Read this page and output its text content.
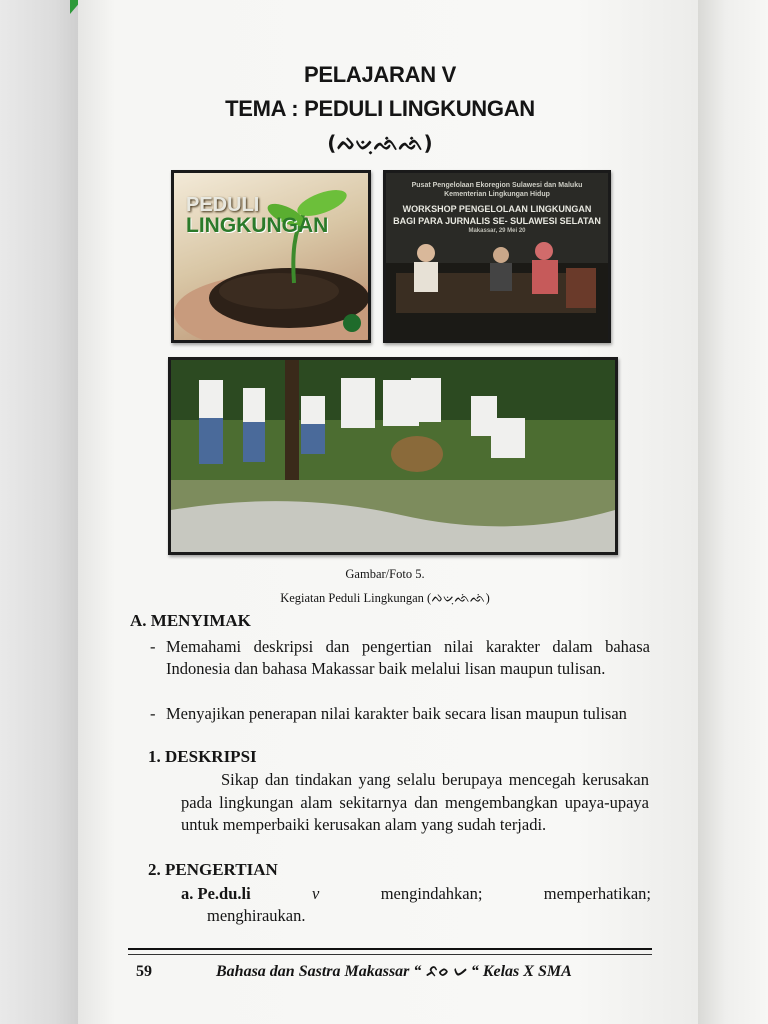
PELAJARAN V
TEMA : PEDULI LINGKUNGAN
(ᨄᨉᨘᨒᨗᨒᨗ)
PEDULI
LINGKUNGAN
Pusat Pengelolaan Ekoregion Sulawesi dan Maluku
Kementerian Lingkungan Hidup
WORKSHOP PENGELOLAAN LINGKUNGAN
BAGI PARA JURNALIS SE- SULAWESI SELATAN
Makassar, 29 Mei 20
Gambar/Foto 5.
Kegiatan Peduli Lingkungan (ᨄᨉᨘᨒᨗᨒᨗ)
A. MENYIMAK
- Memahami deskripsi dan pengertian nilai karakter dalam bahasa Indonesia dan bahasa Makassar baik melalui lisan maupun tulisan.
- Menyajikan penerapan nilai karakter baik secara lisan maupun tulisan
1. DESKRIPSI
Sikap dan tindakan yang selalu berupaya mencegah kerusakan pada lingkungan alam sekitarnya dan mengembangkan upaya-upaya untuk memperbaiki kerusakan alam yang sudah terjadi.
2. PENGERTIAN
a. Pe.du.li	v	mengindahkan;	memperhatikan;
menghiraukan.
59	Bahasa dan Sastra Makassar “ ᨅᨔ ᨆ “ Kelas X SMA
